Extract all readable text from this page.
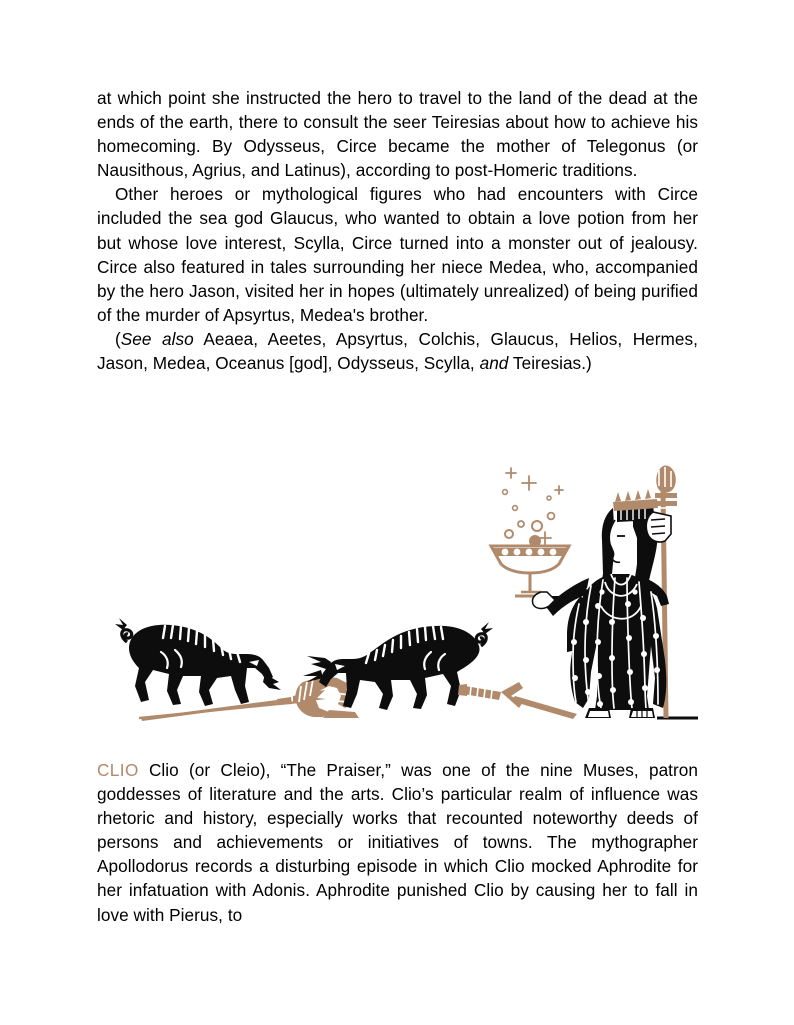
at which point she instructed the hero to travel to the land of the dead at the ends of the earth, there to consult the seer Teiresias about how to achieve his homecoming. By Odysseus, Circe became the mother of Telegonus (or Nausithous, Agrius, and Latinus), according to post-Homeric traditions.

Other heroes or mythological figures who had encounters with Circe included the sea god Glaucus, who wanted to obtain a love potion from her but whose love interest, Scylla, Circe turned into a monster out of jealousy. Circe also featured in tales surrounding her niece Medea, who, accompanied by the hero Jason, visited her in hopes (ultimately unrealized) of being purified of the murder of Apsyrtus, Medea's brother.

(See also Aeaea, Aeetes, Apsyrtus, Colchis, Glaucus, Helios, Hermes, Jason, Medea, Oceanus [god], Odysseus, Scylla, and Teiresias.)

CLIO Clio (or Cleio), “The Praiser,” was one of the nine Muses, patron goddesses of literature and the arts. Clio’s particular realm of influence was rhetoric and history, especially works that recounted noteworthy deeds of persons and achievements or initiatives of towns. The mythographer Apollodorus records a disturbing episode in which Clio mocked Aphrodite for her infatuation with Adonis. Aphrodite punished Clio by causing her to fall in love with Pierus, to
